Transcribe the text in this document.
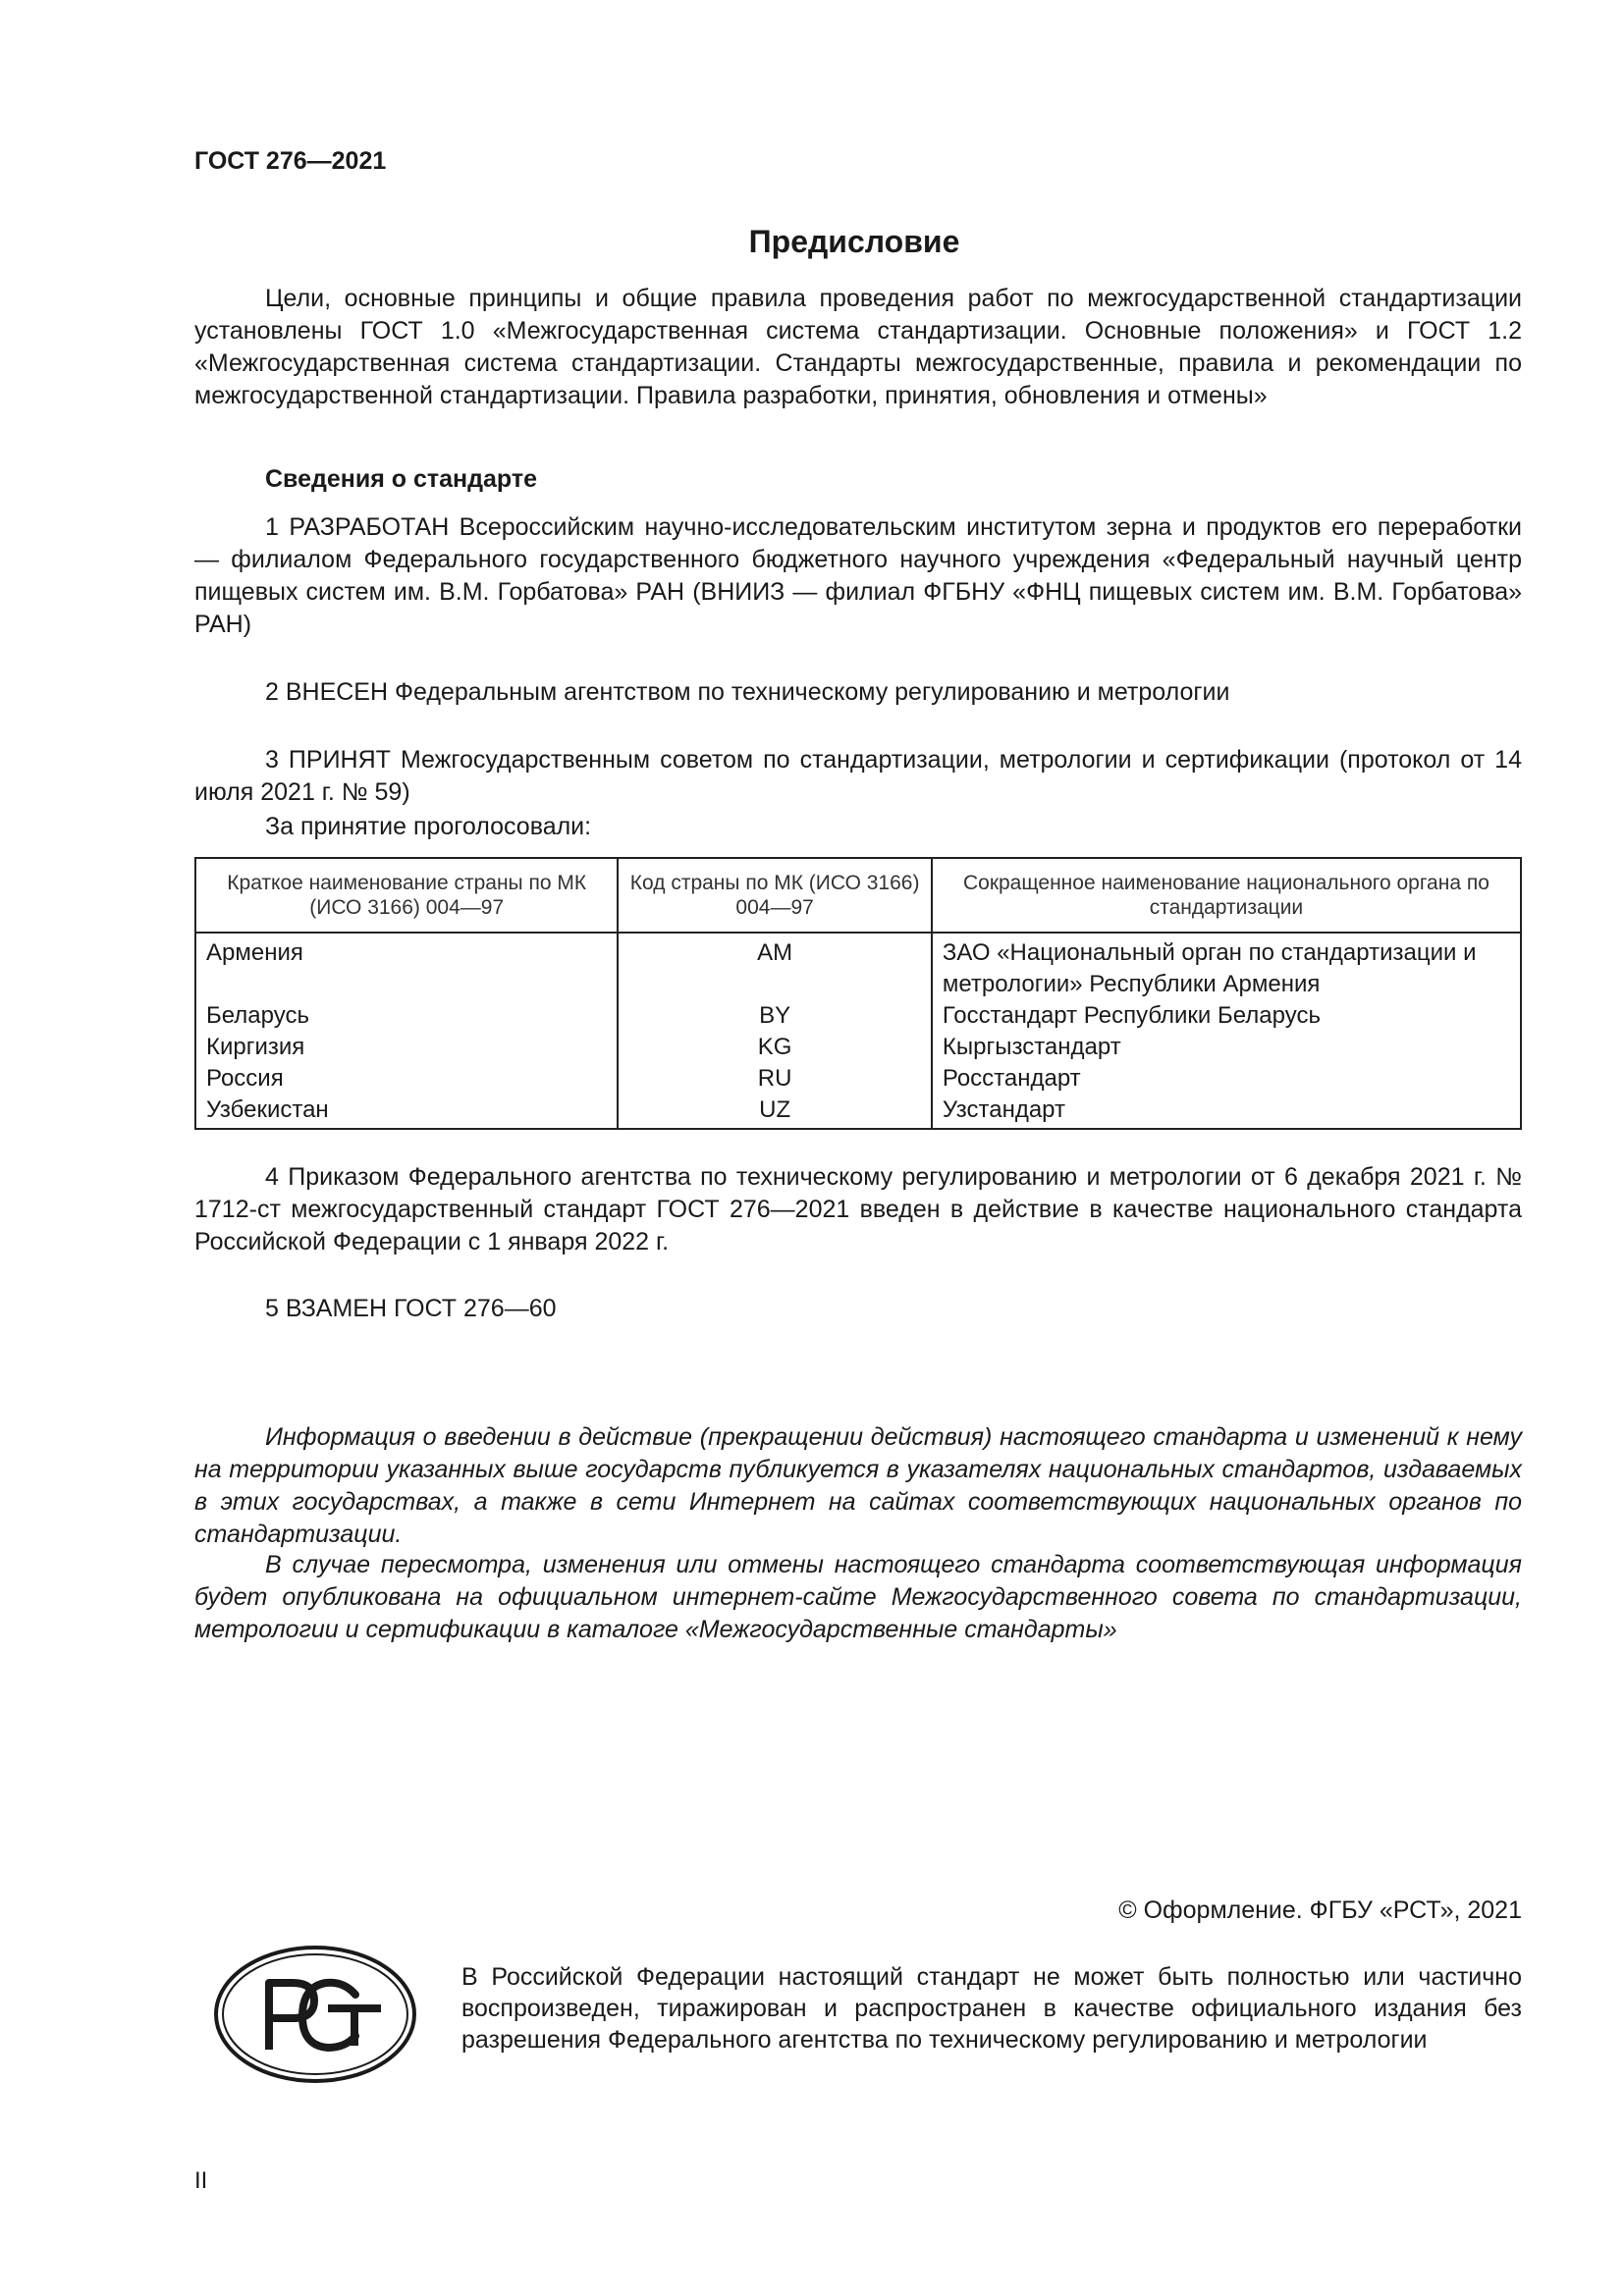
ГОСТ 276—2021
Предисловие
Цели, основные принципы и общие правила проведения работ по межгосударственной стандартизации установлены ГОСТ 1.0 «Межгосударственная система стандартизации. Основные положения» и ГОСТ 1.2 «Межгосударственная система стандартизации. Стандарты межгосударственные, правила и рекомендации по межгосударственной стандартизации. Правила разработки, принятия, обновления и отмены»
Сведения о стандарте
1 РАЗРАБОТАН Всероссийским научно-исследовательским институтом зерна и продуктов его переработки — филиалом Федерального государственного бюджетного научного учреждения «Федеральный научный центр пищевых систем им. В.М. Горбатова» РАН (ВНИИЗ — филиал ФГБНУ «ФНЦ пищевых систем им. В.М. Горбатова» РАН)
2 ВНЕСЕН Федеральным агентством по техническому регулированию и метрологии
3 ПРИНЯТ Межгосударственным советом по стандартизации, метрологии и сертификации (протокол от 14 июля 2021 г. № 59)
За принятие проголосовали:
Краткое наименование страны по МК (ИСО 3166) 004—97	Код страны по МК (ИСО 3166) 004—97	Сокращенное наименование национального органа по стандартизации
Армения	AM	ЗАО «Национальный орган по стандартизации и метрологии» Республики Армения
Беларусь	BY	Госстандарт Республики Беларусь
Киргизия	KG	Кыргызстандарт
Россия	RU	Росстандарт
Узбекистан	UZ	Узстандарт
4 Приказом Федерального агентства по техническому регулированию и метрологии от 6 декабря 2021 г. № 1712-ст межгосударственный стандарт ГОСТ 276—2021 введен в действие в качестве национального стандарта Российской Федерации с 1 января 2022 г.
5 ВЗАМЕН ГОСТ 276—60
Информация о введении в действие (прекращении действия) настоящего стандарта и изменений к нему на территории указанных выше государств публикуется в указателях национальных стандартов, издаваемых в этих государствах, а также в сети Интернет на сайтах соответствующих национальных органов по стандартизации.
В случае пересмотра, изменения или отмены настоящего стандарта соответствующая информация будет опубликована на официальном интернет-сайте Межгосударственного совета по стандартизации, метрологии и сертификации в каталоге «Межгосударственные стандарты»
© Оформление. ФГБУ «РСТ», 2021
В Российской Федерации настоящий стандарт не может быть полностью или частично воспроизведен, тиражирован и распространен в качестве официального издания без разрешения Федерального агентства по техническому регулированию и метрологии
II
